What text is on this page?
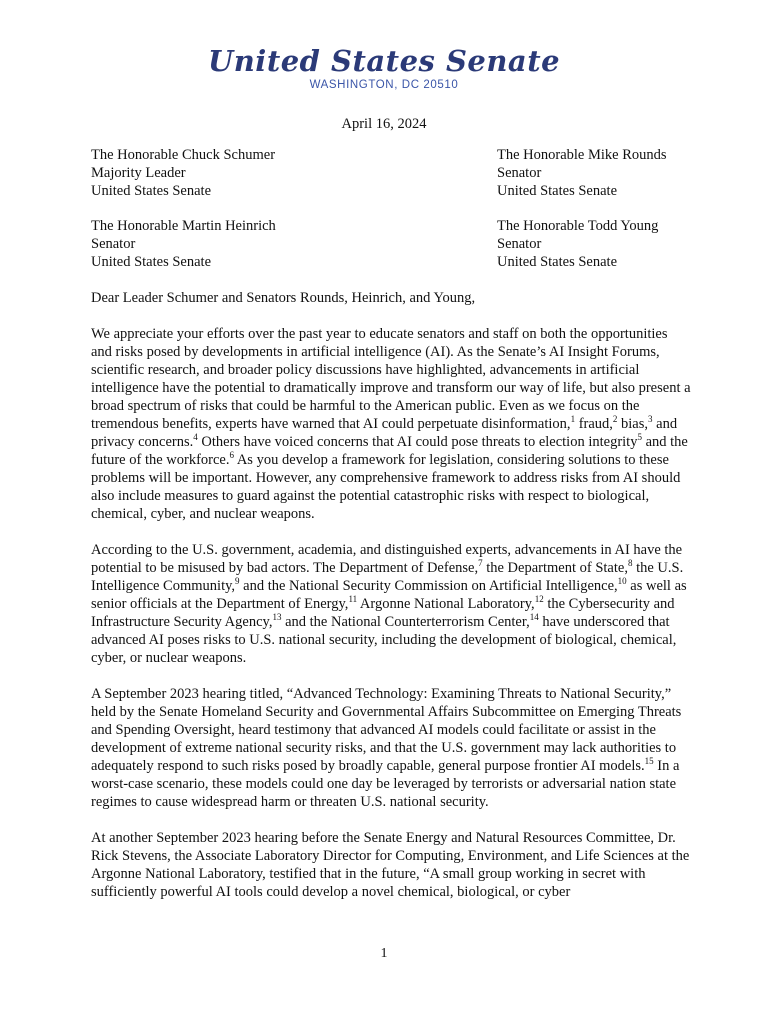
United States Senate
WASHINGTON, DC 20510
April 16, 2024
The Honorable Chuck Schumer
Majority Leader
United States Senate
The Honorable Mike Rounds
Senator
United States Senate
The Honorable Martin Heinrich
Senator
United States Senate
The Honorable Todd Young
Senator
United States Senate

Dear Leader Schumer and Senators Rounds, Heinrich, and Young,

We appreciate your efforts over the past year to educate senators and staff on both the opportunities and risks posed by developments in artificial intelligence (AI). As the Senate’s AI Insight Forums, scientific research, and broader policy discussions have highlighted, advancements in artificial intelligence have the potential to dramatically improve and transform our way of life, but also present a broad spectrum of risks that could be harmful to the American public. Even as we focus on the tremendous benefits, experts have warned that AI could perpetuate disinformation,$^1$ fraud,$^2$ bias,$^3$ and privacy concerns.$^4$ Others have voiced concerns that AI could pose threats to election integrity$^5$ and the future of the workforce.$^6$ As you develop a framework for legislation, considering solutions to these problems will be important. However, any comprehensive framework to address risks from AI should also include measures to guard against the potential catastrophic risks with respect to biological, chemical, cyber, and nuclear weapons.

According to the U.S. government, academia, and distinguished experts, advancements in AI have the potential to be misused by bad actors. The Department of Defense,$^7$ the Department of State,$^8$ the U.S. Intelligence Community,$^9$ and the National Security Commission on Artificial Intelligence,$^{10}$ as well as senior officials at the Department of Energy,$^{11}$ Argonne National Laboratory,$^{12}$ the Cybersecurity and Infrastructure Security Agency,$^{13}$ and the National Counterterrorism Center,$^{14}$ have underscored that advanced AI poses risks to U.S. national security, including the development of biological, chemical, cyber, or nuclear weapons.

A September 2023 hearing titled, “Advanced Technology: Examining Threats to National Security,” held by the Senate Homeland Security and Governmental Affairs Subcommittee on Emerging Threats and Spending Oversight, heard testimony that advanced AI models could facilitate or assist in the development of extreme national security risks, and that the U.S. government may lack authorities to adequately respond to such risks posed by broadly capable, general purpose frontier AI models.$^{15}$ In a worst-case scenario, these models could one day be leveraged by terrorists or adversarial nation state regimes to cause widespread harm or threaten U.S. national security.

At another September 2023 hearing before the Senate Energy and Natural Resources Committee, Dr. Rick Stevens, the Associate Laboratory Director for Computing, Environment, and Life Sciences at the Argonne National Laboratory, testified that in the future, “A small group working in secret with sufficiently powerful AI tools could develop a novel chemical, biological, or cyber

1
